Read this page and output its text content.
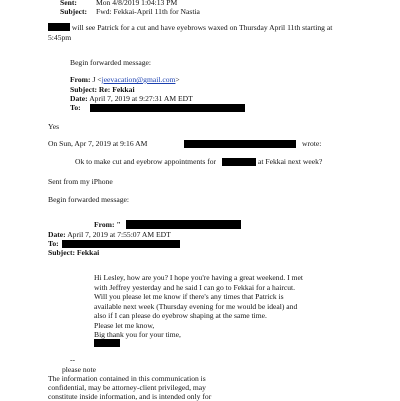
Sent:	Mon 4/8/2019 1:04:13 PM
Subject: Fwd: Fekkai-April 11th for Nastia
will see Patrick for a cut and have eyebrows waxed on Thursday April 11th starting at
5:45pm
Begin forwarded message:
From: J <jeevacation@gmail.com>
Subject: Re: Fekkai
Date: April 7, 2019 at 9:27:31 AM EDT
To:
Yes
On Sun, Apr 7, 2019 at 9:16 AM	wrote:
Ok to make cut and eyebrow appointments for	at Fekkai next week?
Sent from my iPhone
Begin forwarded message:
From: "
Date: April 7, 2019 at 7:55:07 AM EDT
To:
Subject: Fekkai
Hi Lesley, how are you? I hope you're having a great weekend. I met
with Jeffrey yesterday and he said I can go to Fekkai for a haircut.
Will you please let me know if there's any times that Patrick is
available next week (Thursday evening for me would be ideal) and
also if I can please do eyebrow shaping at the same time.
Please let me know,
Big thank you for your time,
--
please note
The information contained in this communication is
confidential, may be attorney-client privileged, may
constitute inside information, and is intended only for
